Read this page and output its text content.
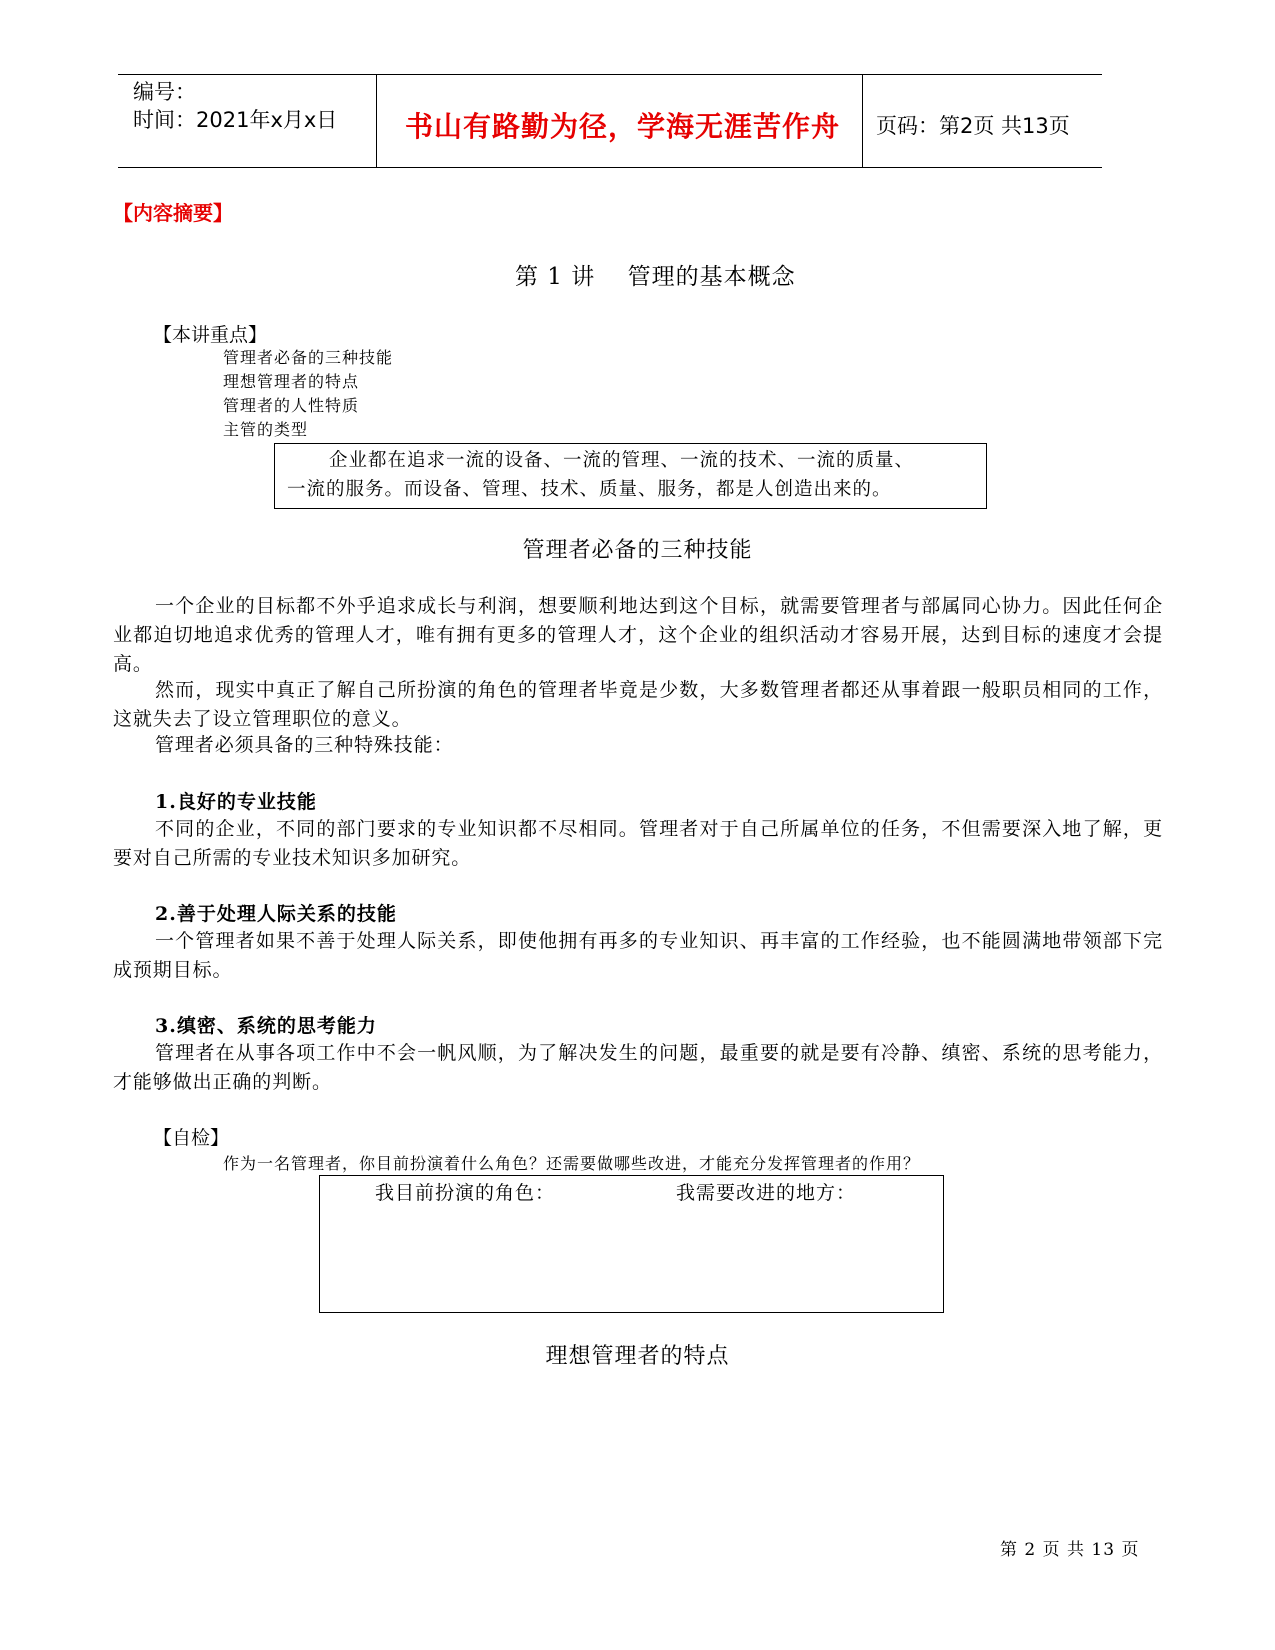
编号：
时间：2021年x月x日 书山有路勤为径，学海无涯苦作舟 页码：第2页 共13页
【内容摘要】
第 1 讲　 管理的基本概念
【本讲重点】
管理者必备的三种技能
理想管理者的特点
管理者的人性特质
主管的类型

企业都在追求一流的设备、一流的管理、一流的技术、一流的质量、

一流的服务。而设备、管理、技术、质量、服务，都是人创造出来的。

管理者必备的三种技能

一个企业的目标都不外乎追求成长与利润，想要顺利地达到这个目标，就需要管理者与部属同心协力。因此任何企业都迫切地追求优秀的管理人才，唯有拥有更多的管理人才，这个企业的组织活动才容易开展，达到目标的速度才会提高。

然而，现实中真正了解自己所扮演的角色的管理者毕竟是少数，大多数管理者都还从事着跟一般职员相同的工作，这就失去了设立管理职位的意义。

管理者必须具备的三种特殊技能：

1.良好的专业技能

不同的企业，不同的部门要求的专业知识都不尽相同。管理者对于自己所属单位的任务，不但需要深入地了解，更要对自己所需的专业技术知识多加研究。

2.善于处理人际关系的技能

一个管理者如果不善于处理人际关系，即使他拥有再多的专业知识、再丰富的工作经验，也不能圆满地带领部下完成预期目标。

3.缜密、系统的思考能力

管理者在从事各项工作中不会一帆风顺，为了解决发生的问题，最重要的就是要有冷静、缜密、系统的思考能力，才能够做出正确的判断。

【自检】
作为一名管理者，你目前扮演着什么角色？还需要做哪些改进，才能充分发挥管理者的作用？
我目前扮演的角色：	我需要改进的地方：
理想管理者的特点
第 2 页 共 13 页
